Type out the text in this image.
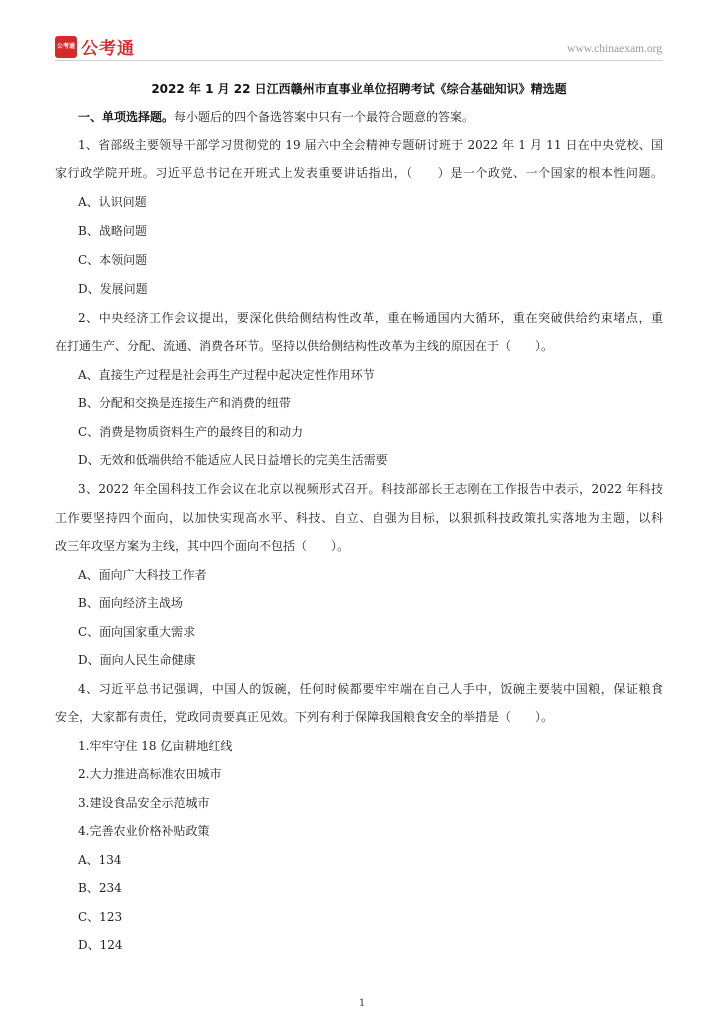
公考通 公考通	www.chinaexam.org
2022 年 1 月 22 日江西赣州市直事业单位招聘考试《综合基础知识》精选题
一、单项选择题。每小题后的四个备选答案中只有一个最符合题意的答案。
1、省部级主要领导干部学习贯彻党的 19 届六中全会精神专题研讨班于 2022 年 1 月 11 日在中央党校、国
家行政学院开班。习近平总书记在开班式上发表重要讲话指出，（　　）是一个政党、一个国家的根本性问题。
A、认识问题
B、战略问题
C、本领问题
D、发展问题
2、中央经济工作会议提出，要深化供给侧结构性改革，重在畅通国内大循环，重在突破供给约束堵点，重
在打通生产、分配、流通、消费各环节。坚持以供给侧结构性改革为主线的原因在于（　　）。
A、直接生产过程是社会再生产过程中起决定性作用环节
B、分配和交换是连接生产和消费的纽带
C、消费是物质资料生产的最终目的和动力
D、无效和低端供给不能适应人民日益增长的完美生活需要
3、2022 年全国科技工作会议在北京以视频形式召开。科技部部长王志刚在工作报告中表示，2022 年科技
工作要坚持四个面向，以加快实现高水平、科技、自立、自强为目标，以狠抓科技政策扎实落地为主题，以科
改三年攻坚方案为主线，其中四个面向不包括（　　）。
A、面向广大科技工作者
B、面向经济主战场
C、面向国家重大需求
D、面向人民生命健康
4、习近平总书记强调，中国人的饭碗，任何时候都要牢牢端在自己人手中，饭碗主要装中国粮，保证粮食
安全，大家都有责任，党政同责要真正见效。下列有利于保障我国粮食安全的举措是（　　）。
1.牢牢守住 18 亿亩耕地红线
2.大力推进高标准农田城市
3.建设食品安全示范城市
4.完善农业价格补贴政策
A、134
B、234
C、123
D、124
1
